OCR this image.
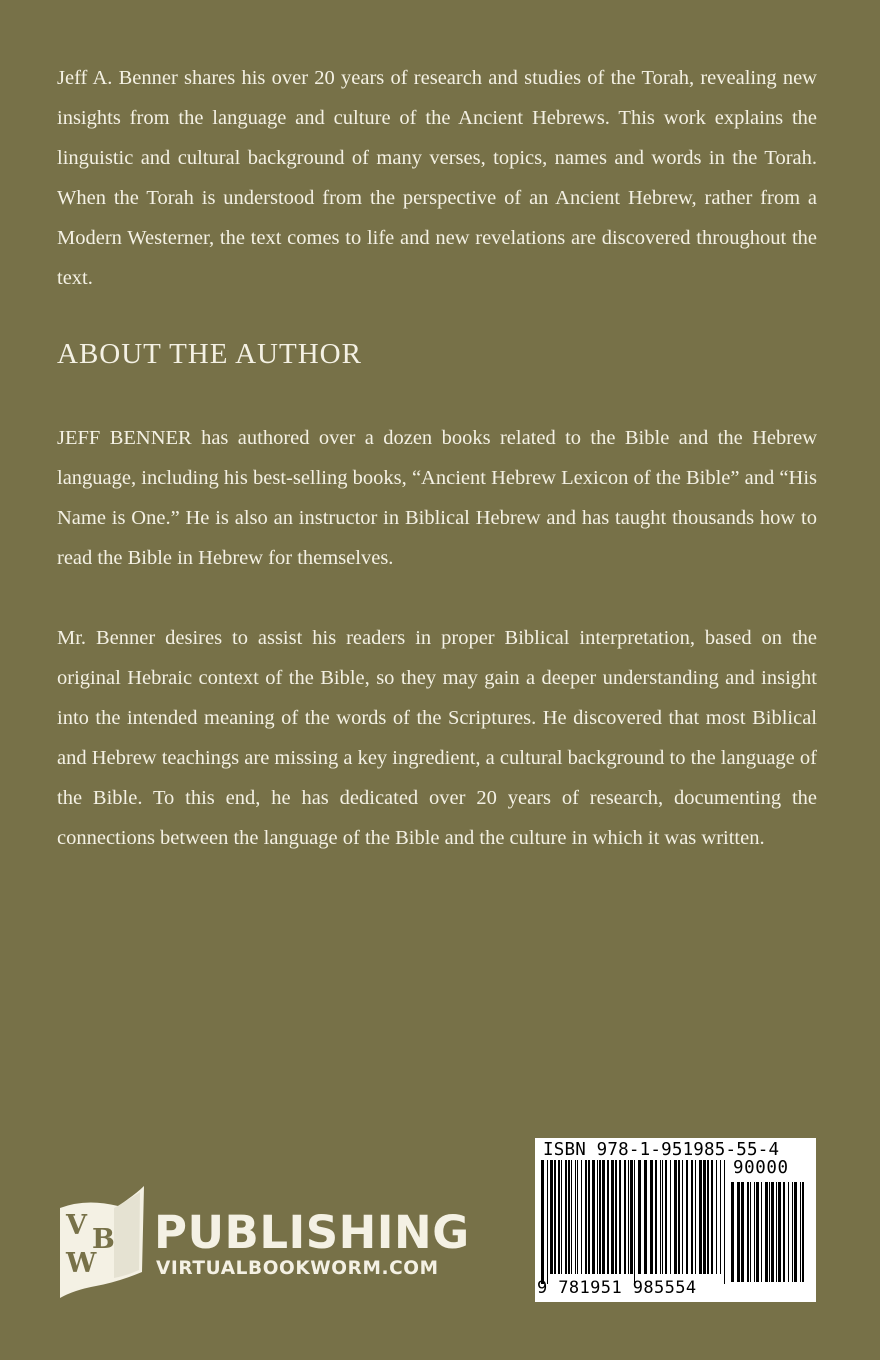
Jeff A. Benner shares his over 20 years of research and studies of the Torah, revealing new insights from the language and culture of the Ancient Hebrews. This work explains the linguistic and cultural background of many verses, topics, names and words in the Torah. When the Torah is understood from the perspective of an Ancient Hebrew, rather from a Modern Westerner, the text comes to life and new revelations are discovered throughout the text.

ABOUT THE AUTHOR

JEFF BENNER has authored over a dozen books related to the Bible and the Hebrew language, including his best-selling books, “Ancient Hebrew Lexicon of the Bible” and “His Name is One.” He is also an instructor in Biblical Hebrew and has taught thousands how to read the Bible in Hebrew for themselves.

Mr. Benner desires to assist his readers in proper Biblical interpretation, based on the original Hebraic context of the Bible, so they may gain a deeper understanding and insight into the intended meaning of the words of the Scriptures. He discovered that most Biblical and Hebrew teachings are missing a key ingredient, a cultural background to the language of the Bible. To this end, he has dedicated over 20 years of research, documenting the connections between the language of the Bible and the culture in which it was written.

V B
W
PUBLISHING
VIRTUALBOOKWORM.COM
ISBN 978-1-951985-55-4
90000
9 781951 985554
